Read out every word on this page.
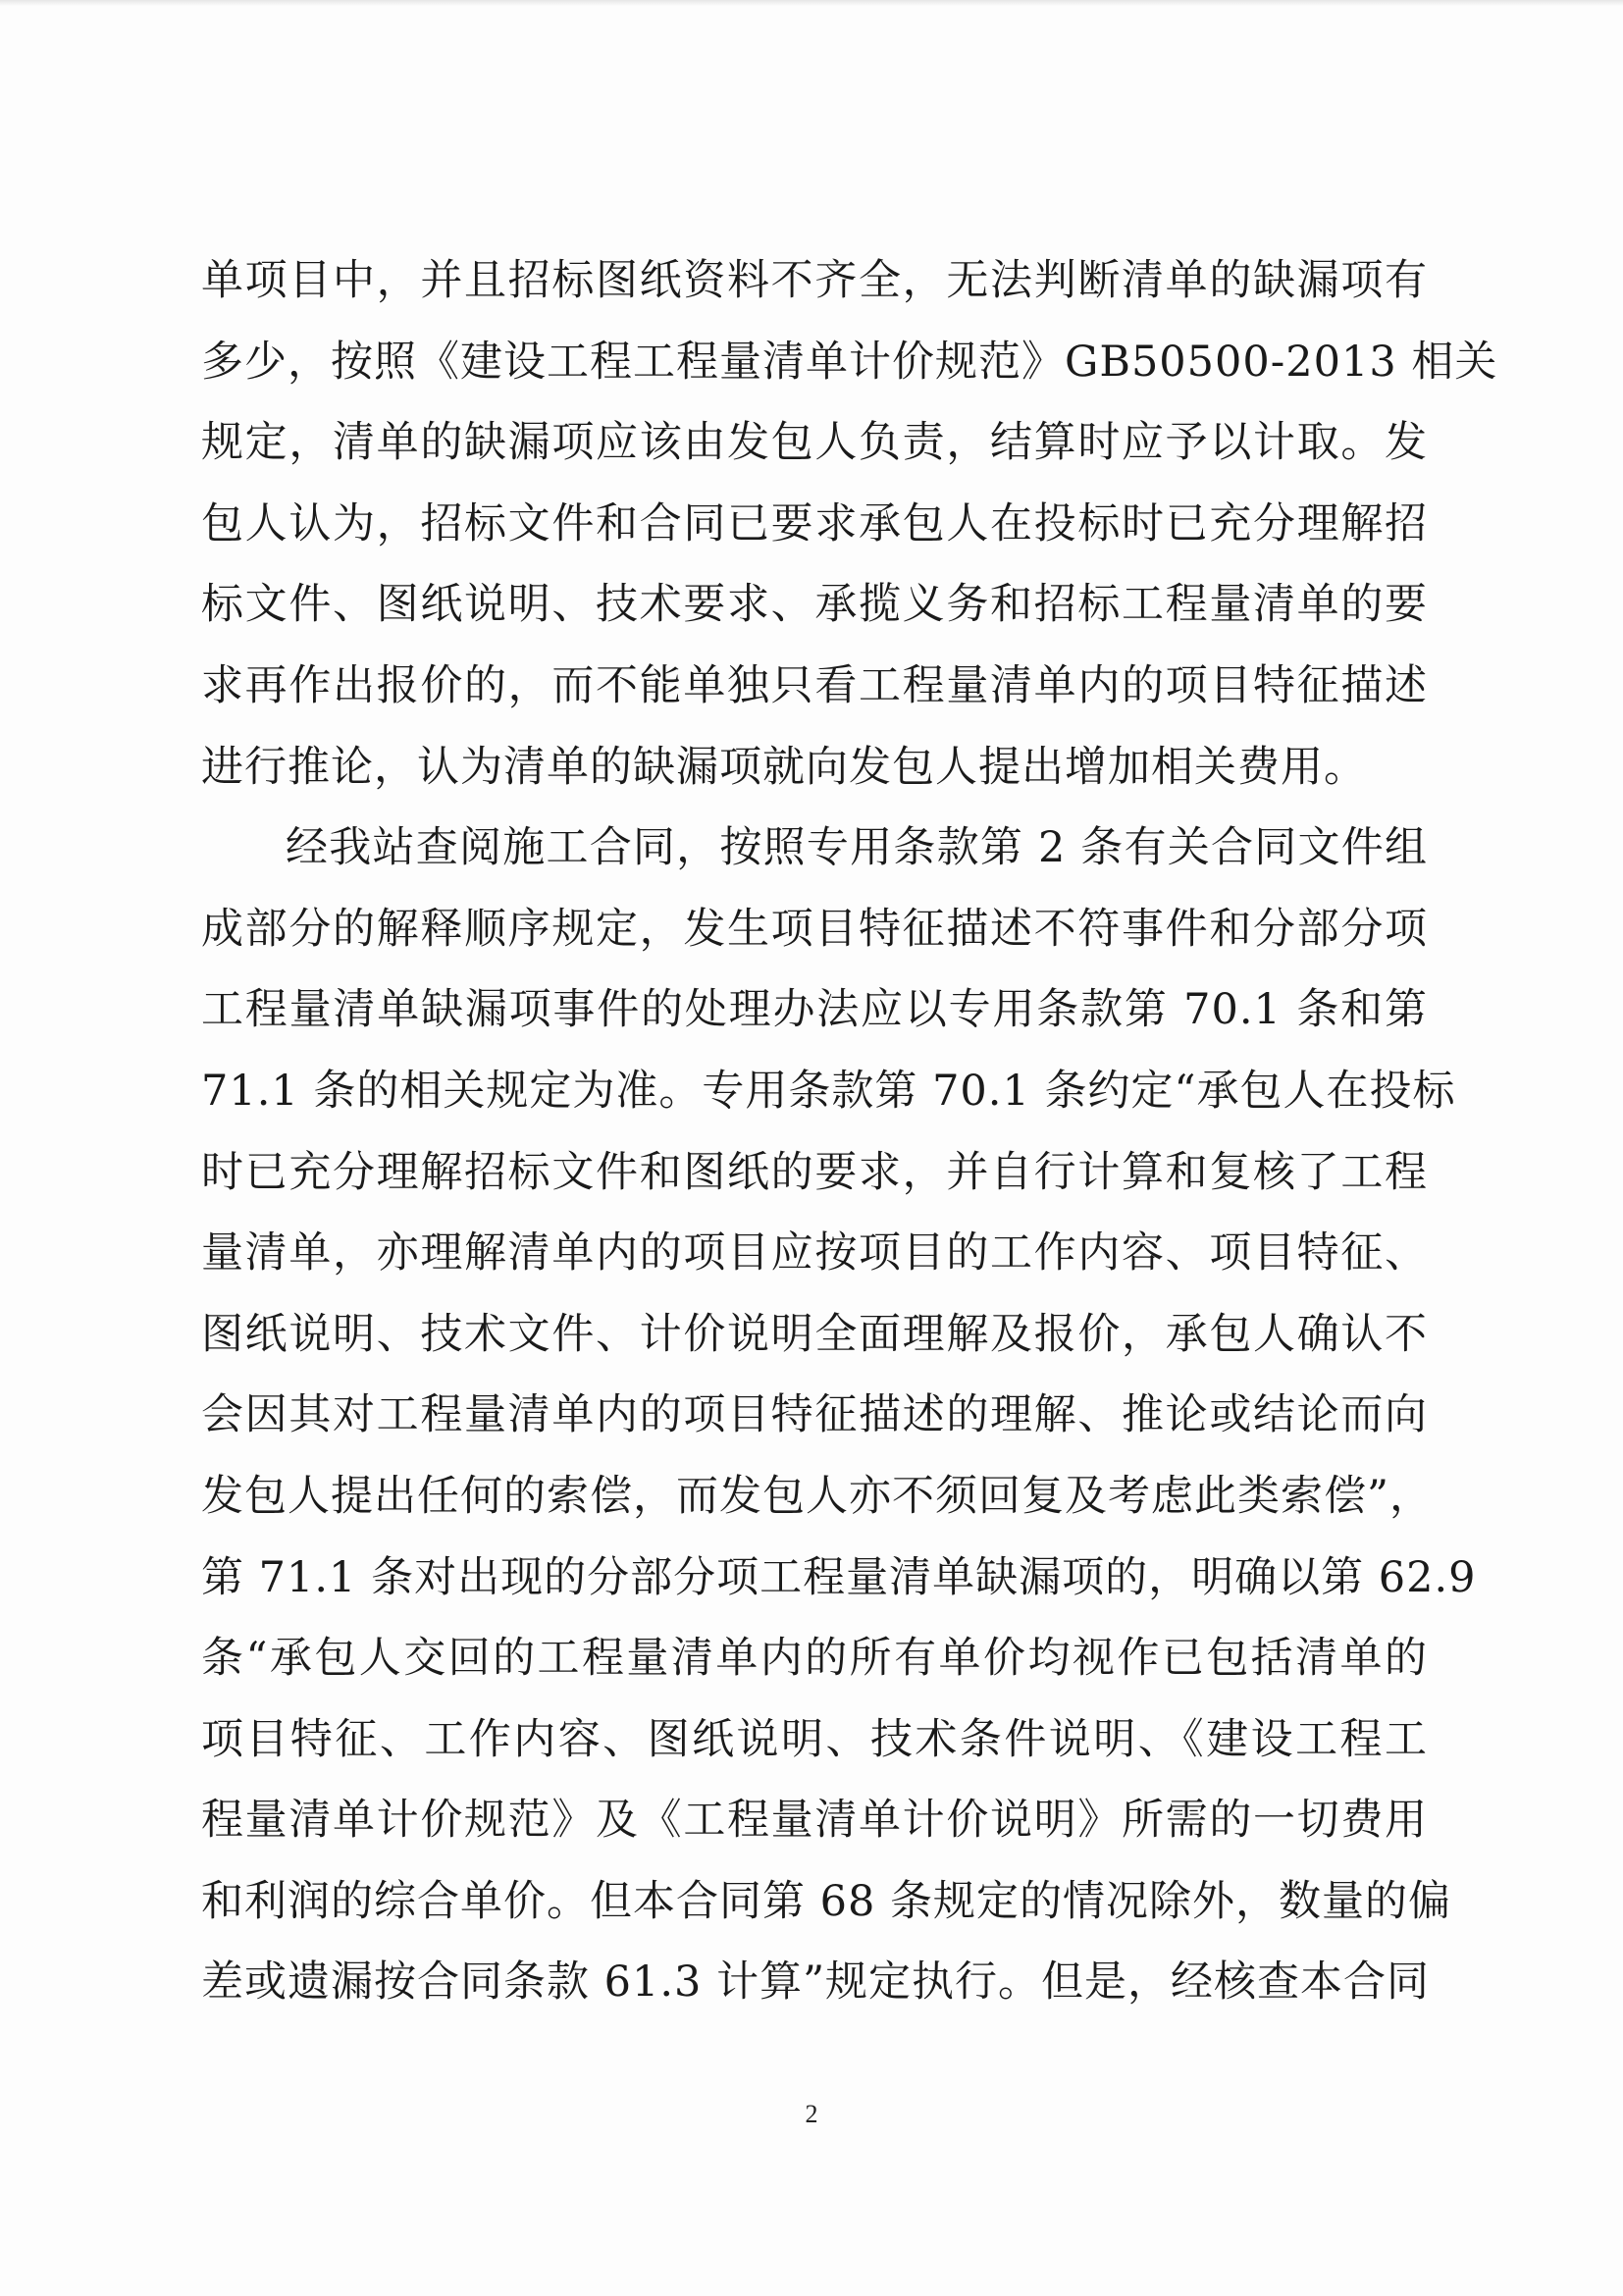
单项目中，并且招标图纸资料不齐全，无法判断清单的缺漏项有
多少，按照《建设工程工程量清单计价规范》GB50500-2013 相关
规定，清单的缺漏项应该由发包人负责，结算时应予以计取。发
包人认为，招标文件和合同已要求承包人在投标时已充分理解招
标文件、图纸说明、技术要求、承揽义务和招标工程量清单的要
求再作出报价的，而不能单独只看工程量清单内的项目特征描述
进行推论，认为清单的缺漏项就向发包人提出增加相关费用。
经我站查阅施工合同，按照专用条款第 2 条有关合同文件组
成部分的解释顺序规定，发生项目特征描述不符事件和分部分项
工程量清单缺漏项事件的处理办法应以专用条款第 70.1 条和第
71.1 条的相关规定为准。专用条款第 70.1 条约定“承包人在投标
时已充分理解招标文件和图纸的要求，并自行计算和复核了工程
量清单，亦理解清单内的项目应按项目的工作内容、项目特征、
图纸说明、技术文件、计价说明全面理解及报价，承包人确认不
会因其对工程量清单内的项目特征描述的理解、推论或结论而向
发包人提出任何的索偿，而发包人亦不须回复及考虑此类索偿”，
第 71.1 条对出现的分部分项工程量清单缺漏项的，明确以第 62.9
条“承包人交回的工程量清单内的所有单价均视作已包括清单的
项目特征、工作内容、图纸说明、技术条件说明、《建设工程工
程量清单计价规范》及《工程量清单计价说明》所需的一切费用
和利润的综合单价。但本合同第 68 条规定的情况除外，数量的偏
差或遗漏按合同条款 61.3 计算”规定执行。但是，经核查本合同
2
